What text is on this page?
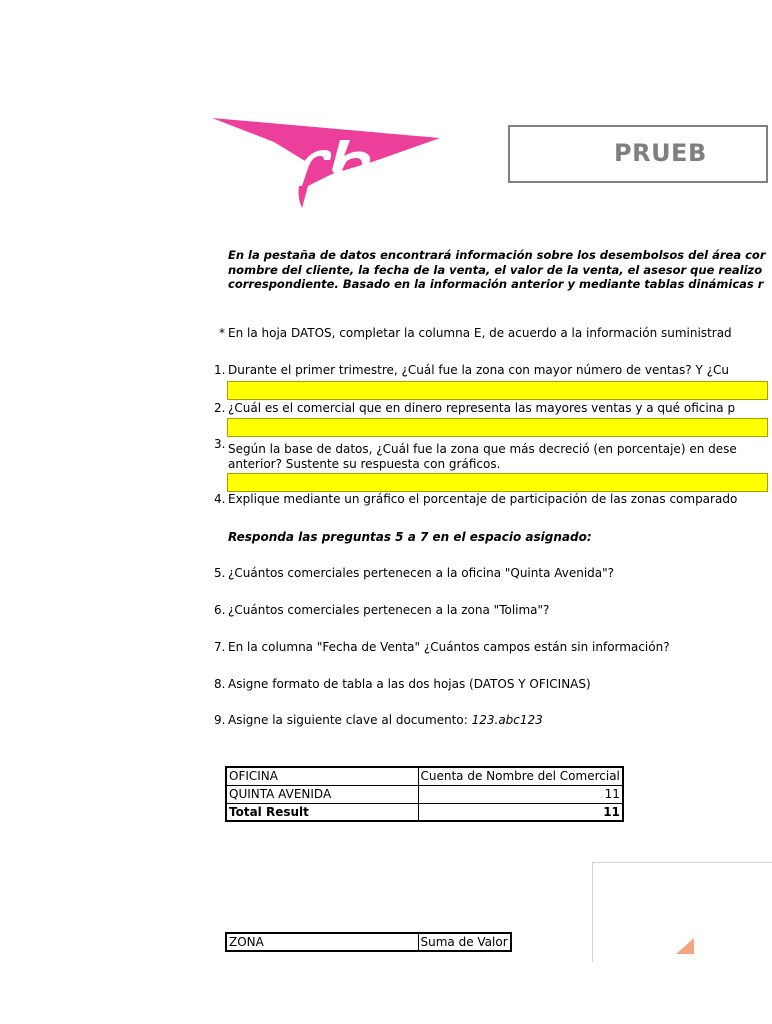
PRUEB
En la pestaña de datos encontrará información sobre los desembolsos del área cor
nombre del cliente, la fecha de la venta, el valor de la venta, el asesor que realizo
correspondiente. Basado en la información anterior y mediante tablas dinámicas r
* En la hoja DATOS, completar la columna E, de acuerdo a la información suministrad
1. Durante el primer trimestre, ¿Cuál fue la zona con mayor número de ventas? Y ¿Cu
2. ¿Cuál es el comercial que en dinero representa las mayores ventas y a qué oficina p
3. Según la base de datos, ¿Cuál fue la zona que más decreció (en porcentaje) en dese
anterior? Sustente su respuesta con gráficos.
4. Explique mediante un gráfico el porcentaje de participación de las zonas comparado
Responda las preguntas 5 a 7 en el espacio asignado:
5. ¿Cuántos comerciales pertenecen a la oficina "Quinta Avenida"?
6. ¿Cuántos comerciales pertenecen a la zona "Tolima"?
7. En la columna "Fecha de Venta" ¿Cuántos campos están sin información?
8. Asigne formato de tabla a las dos hojas (DATOS Y OFICINAS)
9. Asigne la siguiente clave al documento: 123.abc123
OFICINA	Cuenta de Nombre del Comercial
QUINTA AVENIDA	11
Total Result	11
ZONA	Suma de Valor
